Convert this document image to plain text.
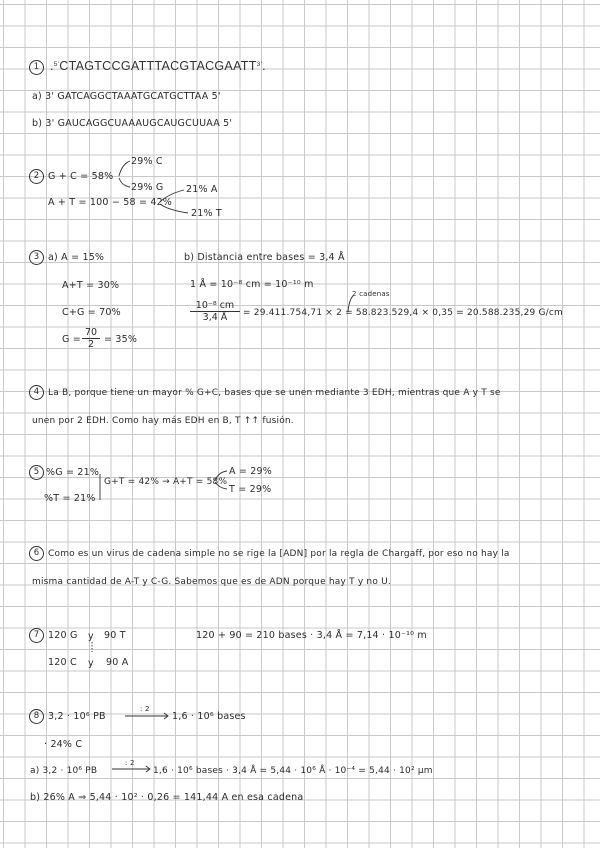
1 $.^{5'}CTAGTCCGATTTACGTACGAATT^{3'}$.
a) 3' GATCAGGCTAAATGCATGCTTAA 5'
b) 3' GAUCAGGCUAAAUGCAUGCUUAA 5'
2 G + C = 58%
29% C
29% G
A + T = 100 − 58 = 42%
21% A
21% T
3 a) A = 15%
A+T = 30%
C+G = 70%
$G = \frac{70}{2} = 35\%$
b) Distancia entre bases = 3,4 Å
1 Å = 10⁻⁸ cm = 10⁻¹⁰ m
2 cadenas
$\frac{\text{10⁻⁸ cm}}{3,4 Å} = 29.411.754,71 \times 2 = 58.823.529,4 \times 0,35 = 20.588.235,29$ G/cm
4 La B, porque tiene un mayor % G+C, bases que se unen mediante 3 EDH, mientras que A y T se
unen por 2 EDH. Como hay más EDH en B, T ↑↑ fusión.
5 %G = 21%
%T = 21%
G+T = 42% → A+T = 58%
A = 29%
T = 29%
6 Como es un virus de cadena simple no se rige la [ADN] por la regla de Chargaff, por eso no hay la
misma cantidad de A-T y C-G. Sabemos que es de ADN porque hay T y no U.
7 120 G y 90 T
120 C y 90 A
120 + 90 = 210 bases · 3,4 Å = 7,14 · 10⁻¹⁰ m
8 3,2 · 10⁶ PB
: 2
1,6 · 10⁶ bases
· 24% C
a) 3,2 · 10⁶ PB
: 2
1,6 · 10⁶ bases · 3,4 Å = 5,44 · 10⁶ Å · 10⁻⁴ = 5,44 · 10² μm
b) 26% A ⇒ 5,44 · 10² · 0,26 = 141,44 A en esa cadena
